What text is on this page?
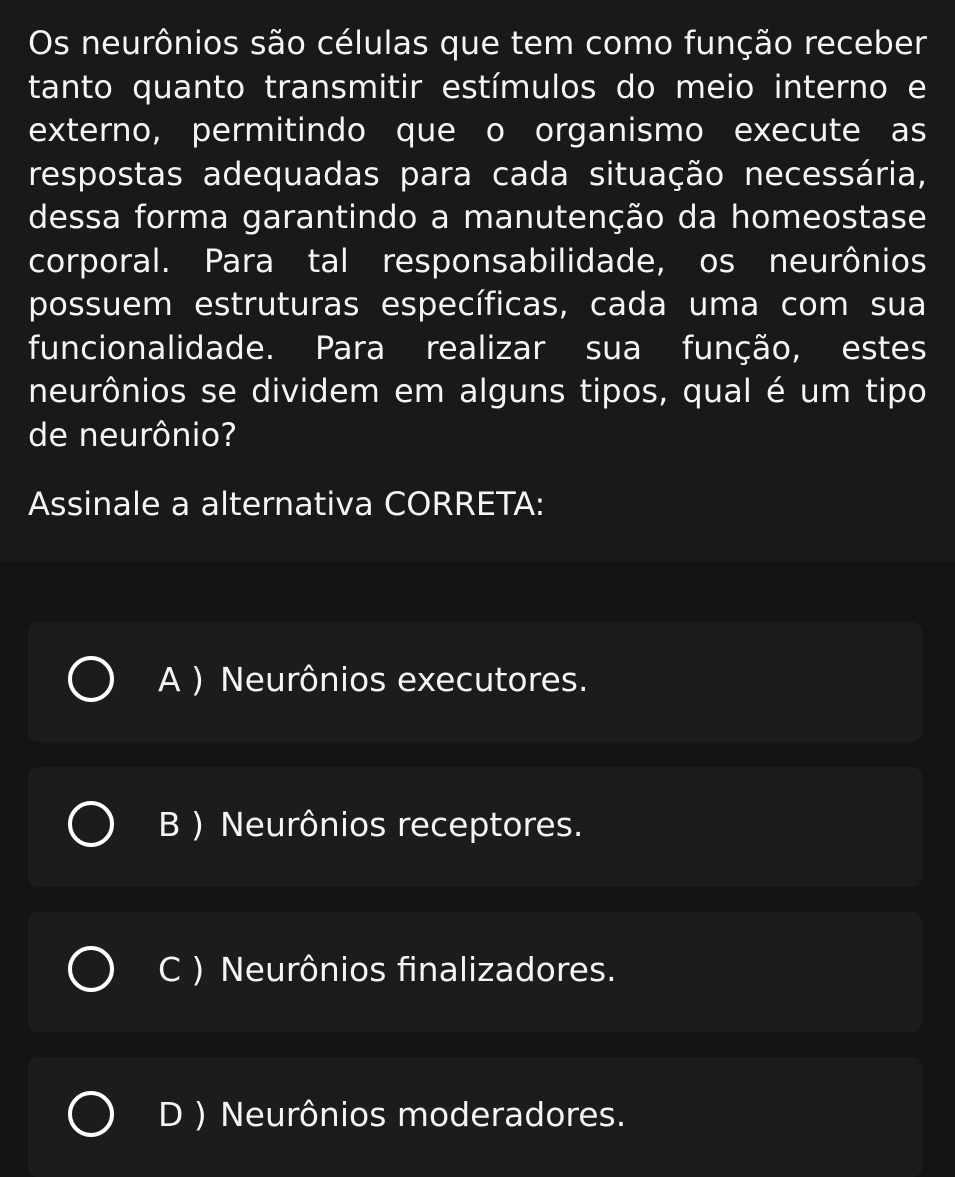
Os neurônios são células que tem como função receber tanto quanto transmitir estímulos do meio interno e externo, permitindo que o organismo execute as respostas adequadas para cada situação necessária, dessa forma garantindo a manutenção da homeostase corporal. Para tal responsabilidade, os neurônios possuem estruturas específicas, cada uma com sua funcionalidade. Para realizar sua função, estes neurônios se dividem em alguns tipos, qual é um tipo de neurônio?

Assinale a alternativa CORRETA:

A ) Neurônios executores.
B ) Neurônios receptores.
C ) Neurônios finalizadores.
D ) Neurônios moderadores.
